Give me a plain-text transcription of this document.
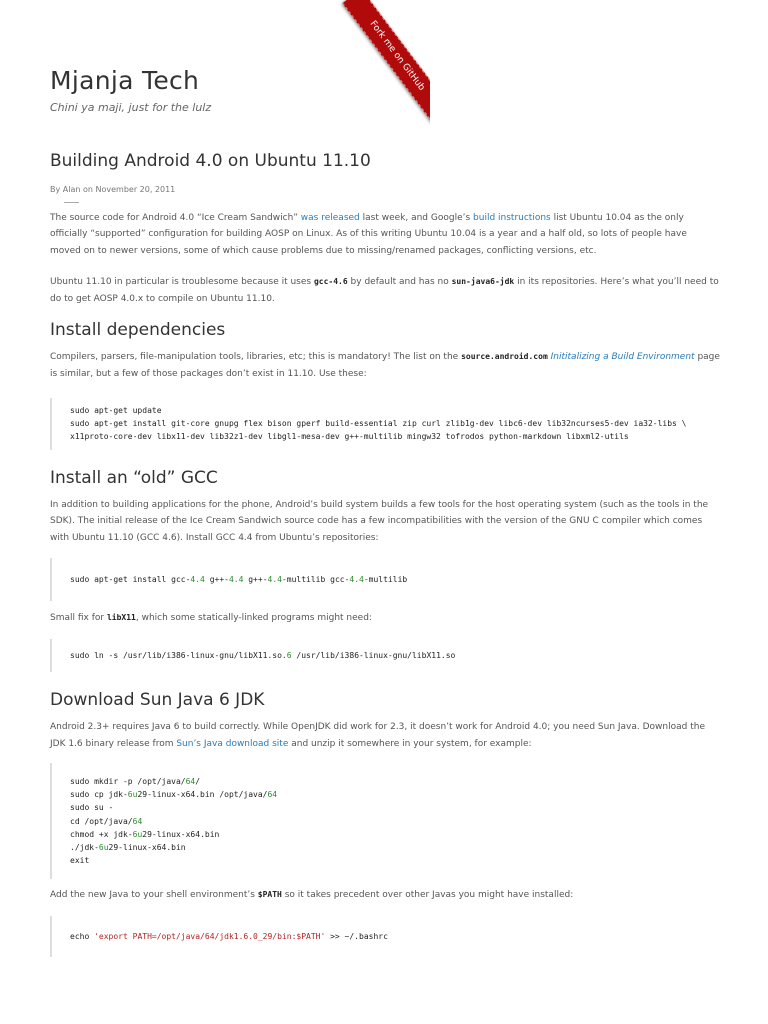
Fork me on GitHub
Mjanja Tech

Chini ya maji, just for the lulz

Building Android 4.0 on Ubuntu 11.10

By Alan on November 20, 2011

The source code for Android 4.0 “Ice Cream Sandwich” was released last week, and Google’s build instructions list Ubuntu 10.04 as the only officially “supported” configuration for building AOSP on Linux. As of this writing Ubuntu 10.04 is a year and a half old, so lots of people have moved on to newer versions, some of which cause problems due to missing/renamed packages, conflicting versions, etc.

Ubuntu 11.10 in particular is troublesome because it uses gcc-4.6 by default and has no sun-java6-jdk in its repositories. Here’s what you’ll need to do to get AOSP 4.0.x to compile on Ubuntu 11.10.

Install dependencies

Compilers, parsers, file-manipulation tools, libraries, etc; this is mandatory! The list on the source.android.com Inititalizing a Build Environment page is similar, but a few of those packages don’t exist in 11.10. Use these:

sudo apt-get update
sudo apt-get install git-core gnupg flex bison gperf build-essential zip curl zlib1g-dev libc6-dev lib32ncurses5-dev ia32-libs \
x11proto-core-dev libx11-dev lib32z1-dev libgl1-mesa-dev g++-multilib mingw32 tofrodos python-markdown libxml2-utils
Install an “old” GCC

In addition to building applications for the phone, Android’s build system builds a few tools for the host operating system (such as the tools in the SDK). The initial release of the Ice Cream Sandwich source code has a few incompatibilities with the version of the GNU C compiler which comes with Ubuntu 11.10 (GCC 4.6). Install GCC 4.4 from Ubuntu’s repositories:

sudo apt-get install gcc-4.4 g++-4.4 g++-4.4-multilib gcc-4.4-multilib

Small fix for libX11, which some statically-linked programs might need:

sudo ln -s /usr/lib/i386-linux-gnu/libX11.so.6 /usr/lib/i386-linux-gnu/libX11.so
Download Sun Java 6 JDK

Android 2.3+ requires Java 6 to build correctly. While OpenJDK did work for 2.3, it doesn’t work for Android 4.0; you need Sun Java. Download the JDK 1.6 binary release from Sun’s Java download site and unzip it somewhere in your system, for example:

sudo mkdir -p /opt/java/64/
sudo cp jdk-6u29-linux-x64.bin /opt/java/64
sudo su -
cd /opt/java/64
chmod +x jdk-6u29-linux-x64.bin
./jdk-6u29-linux-x64.bin
exit

Add the new Java to your shell environment’s $PATH so it takes precedent over other Javas you might have installed:

echo 'export PATH=/opt/java/64/jdk1.6.0_29/bin:$PATH' >> ~/.bashrc
